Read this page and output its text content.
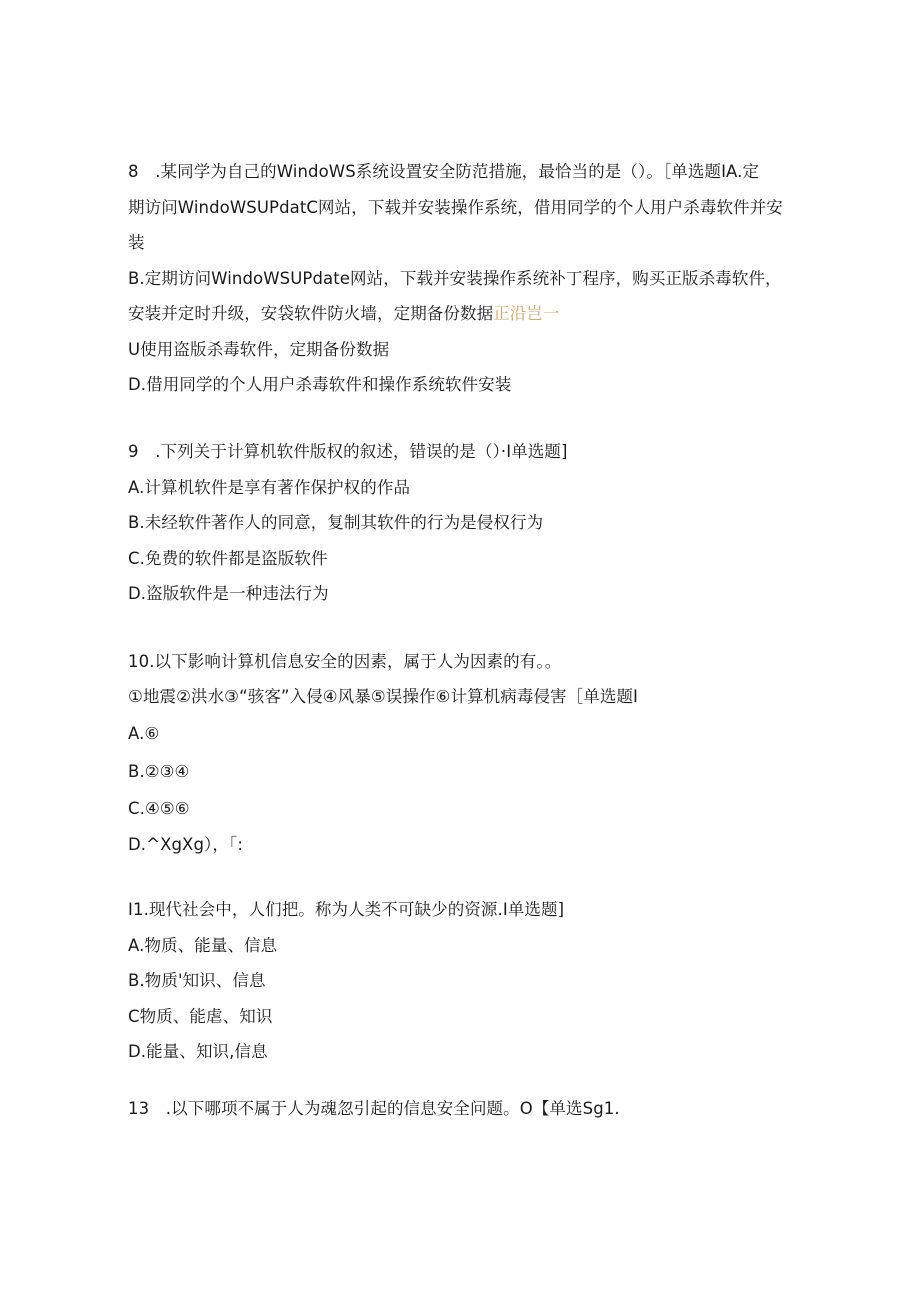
8　.某同学为自己的WindoWS系统设置安全防范措施，最恰当的是（）。［单选题IA.定
期访问WindoWSUPdatC网站，下载并安装操作系统，借用同学的个人用户杀毒软件并安
装
B.定期访问WindoWSUPdate网站，下载并安装操作系统补丁程序，购买正版杀毒软件，
安装并定时升级，安袋软件防火墙，定期备份数据正沿岂一
U使用盗版杀毒软件，定期备份数据
D.借用同学的个人用户杀毒软件和操作系统软件安装
9　.下列关于计算机软件版权的叙述，错误的是（）·I单选题]
A.计算机软件是享有著作保护权的作品
B.未经软件著作人的同意，复制其软件的行为是侵权行为
C.免费的软件都是盗版软件
D.盗版软件是一种违法行为
10.以下影响计算机信息安全的因素，属于人为因素的有。。
①地震②洪水③“骇客”入侵④风暴⑤误操作⑥计算机病毒侵害［单选题I
A.⑥
B.②③④
C.④⑤⑥
D.^XgXg），｢:
I1.现代社会中，人们把。称为人类不可缺少的资源.I单选题]
A.物质、能量、信息
B.物质'知识、信息
C物质、能虐、知识
D.能量、知识,信息
13　.以下哪项不属于人为魂忽引起的信息安全问题。O【单选Sg1.
